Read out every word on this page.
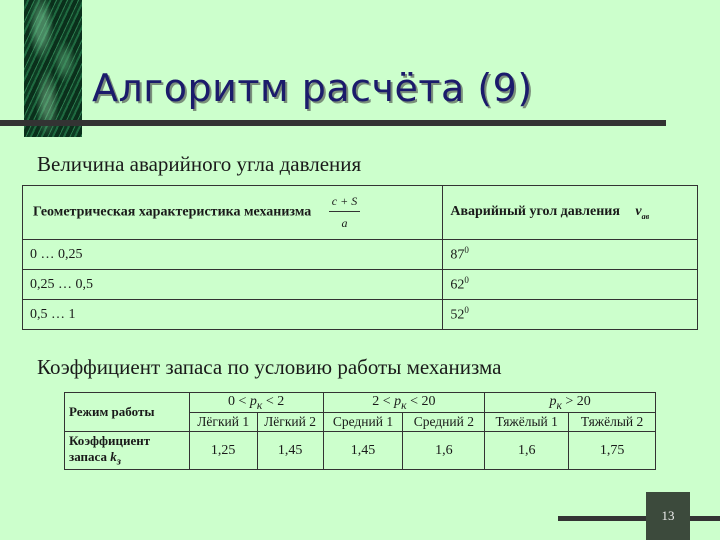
Алгоритм расчёта (9)
Величина аварийного угла давления
Геометрическая характеристика механизма $\frac{c + S}{a}$	Аварийный угол давления $\nu_{ав}$
0 … 0,25	$87^0$
0,25 … 0,5	$62^0$
0,5 … 1	$52^0$
Коэффициент запаса по условию работы механизма
Режим работы	$0 < p_к < 2$		$2 < p_к < 20$		$p_к > 20$	
	Лёгкий 1	Лёгкий 2	Средний 1	Средний 2	Тяжёлый 1	Тяжёлый 2
Коэффициент
запаса $k_з$	1,25	1,45	1,45	1,6	1,6	1,75
13
